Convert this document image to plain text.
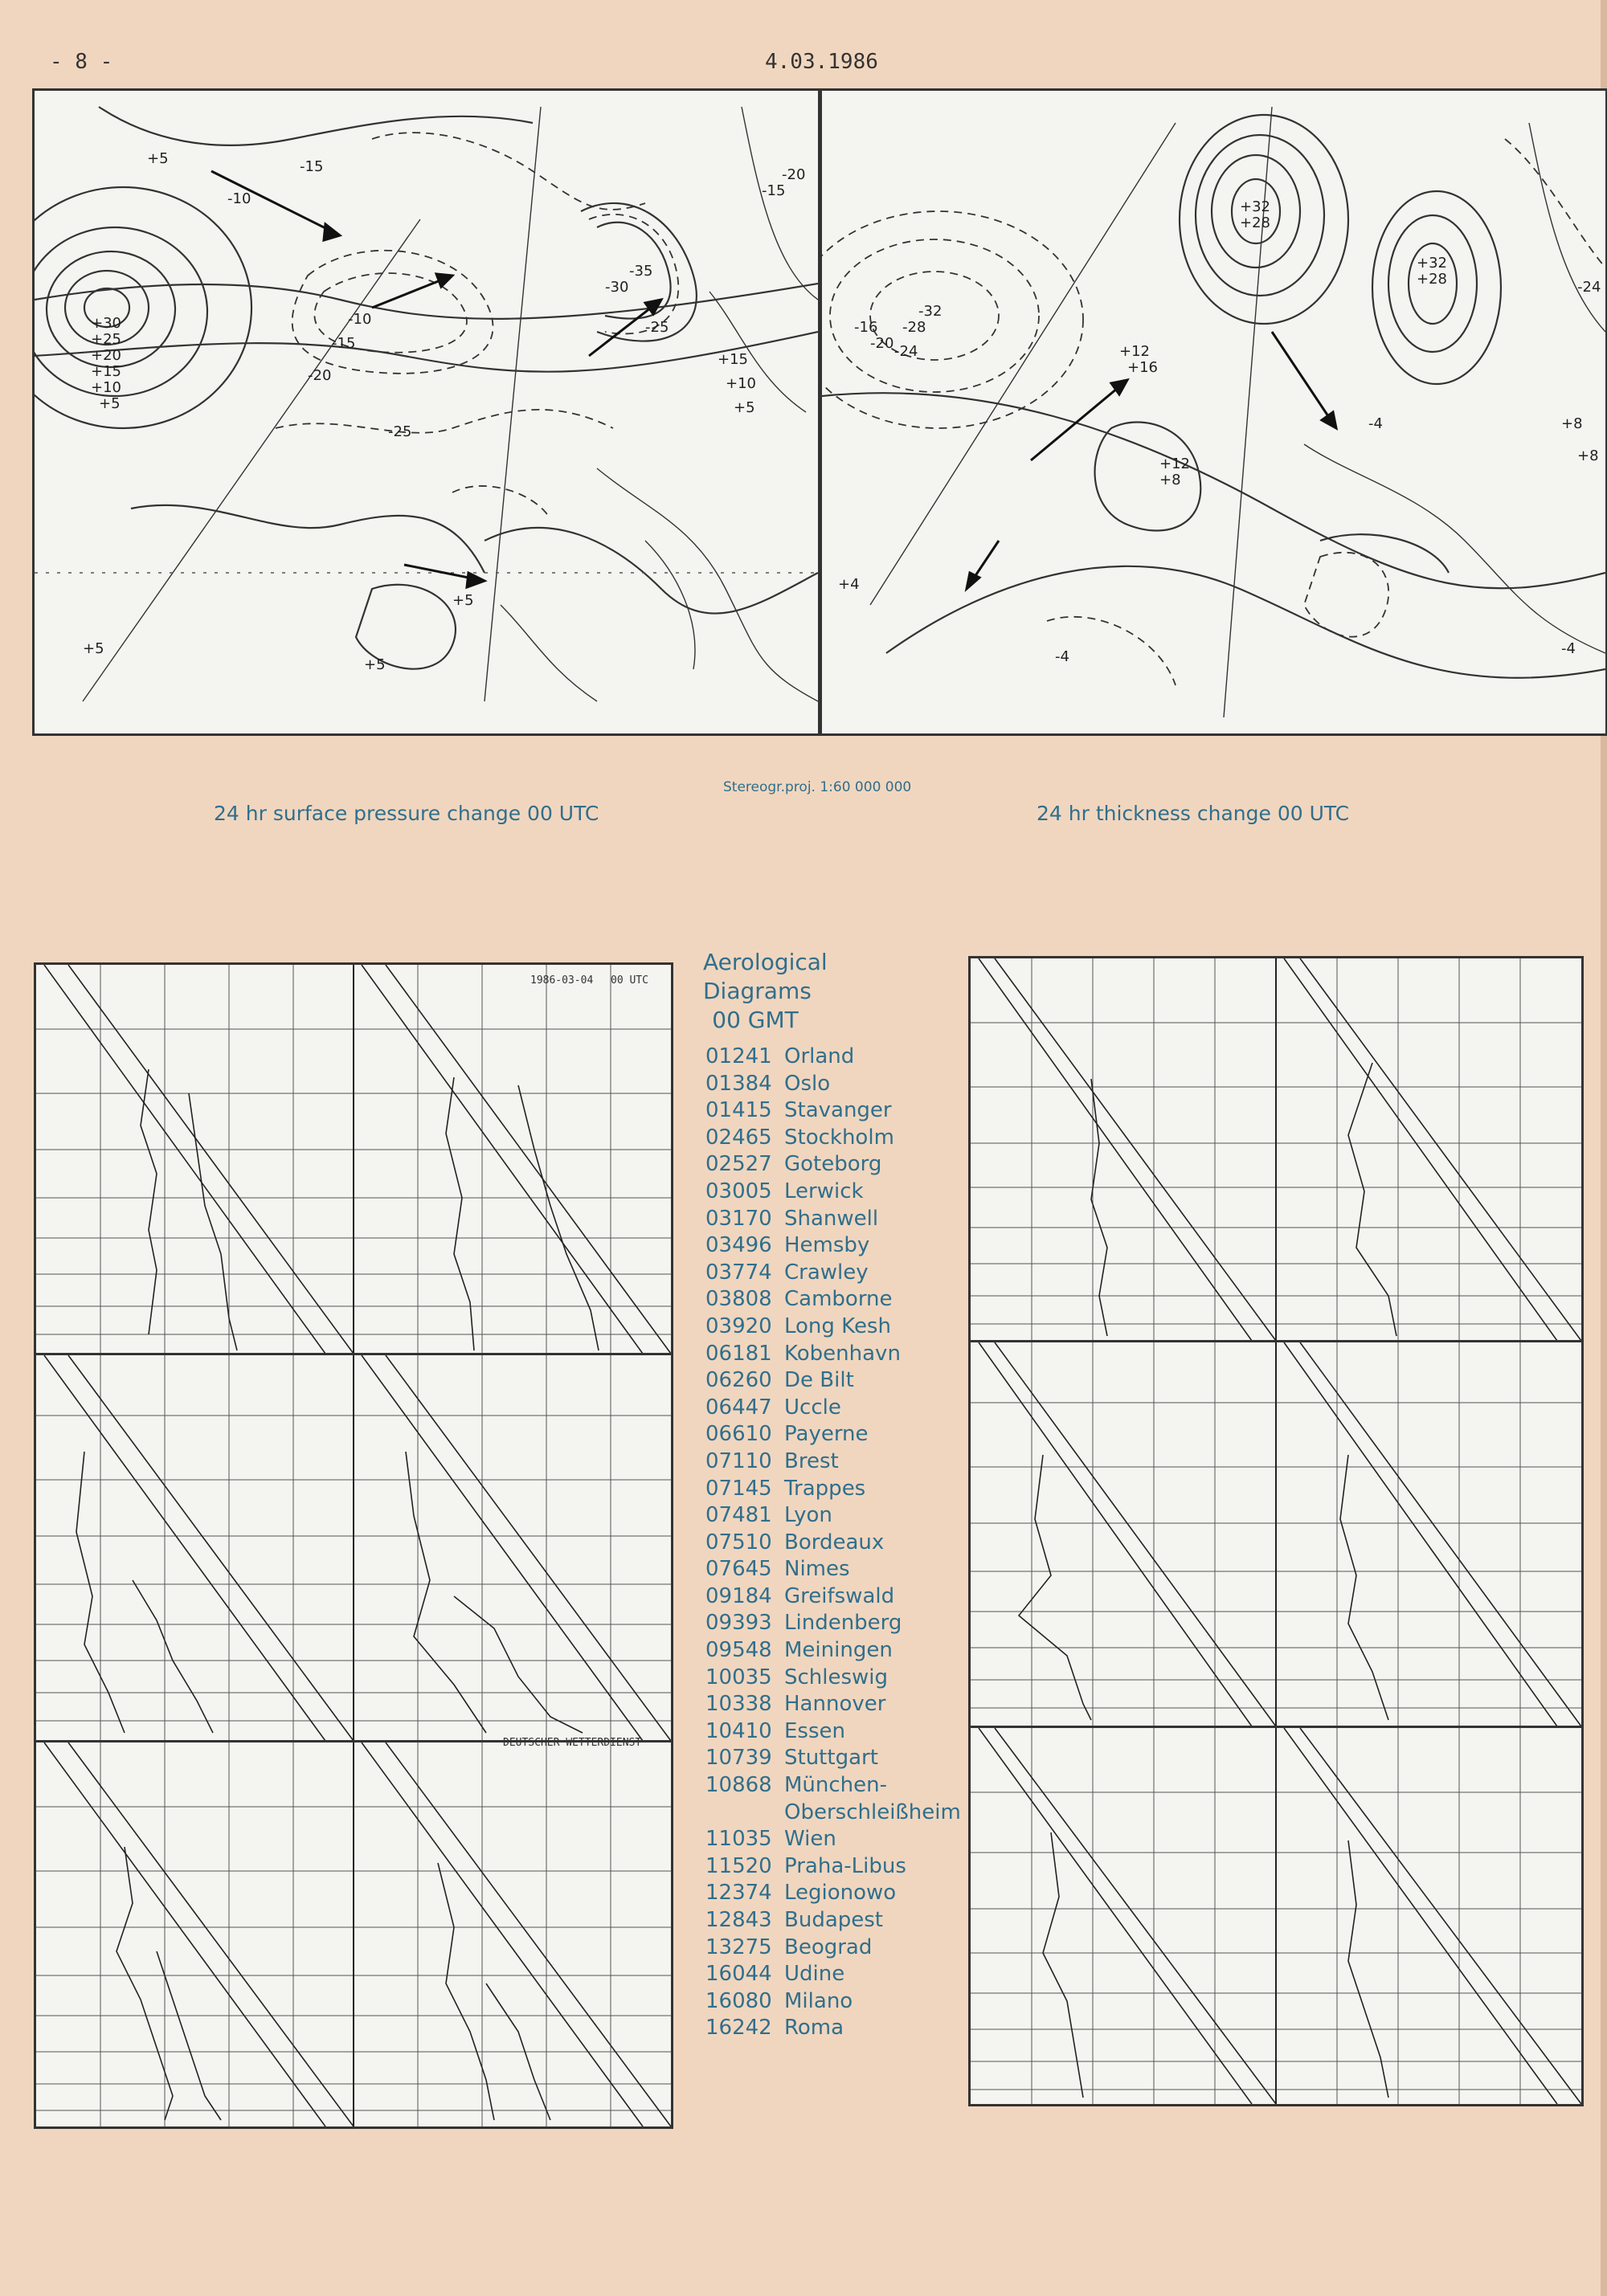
- 8 -	4.03.1986
+30
+25
+20
+15
+10
+5
+5
-10
-15
-10
-15
-20
-25
-30
-35
-25
+15
+10
+5
+5
+5
+5
-20
-15
-32
-28
-16
-20 -24
+32
+28
+32
+28
+16
+12
+12
+8
-24
+8
+8
-4
+4
-4
-4
24 hr surface pressure change 00 UTC
Stereogr.proj. 1:60 000 000
24 hr thickness change 00 UTC
1986-03-04 00 UTC
DEUTSCHER WETTERDIENST
Aerological
Diagrams
00 GMT
01241 Orland
01384 Oslo
01415 Stavanger
02465 Stockholm
02527 Goteborg
03005 Lerwick
03170 Shanwell
03496 Hemsby
03774 Crawley
03808 Camborne
03920 Long Kesh
06181 Kobenhavn
06260 De Bilt
06447 Uccle
06610 Payerne
07110 Brest
07145 Trappes
07481 Lyon
07510 Bordeaux
07645 Nimes
09184 Greifswald
09393 Lindenberg
09548 Meiningen
10035 Schleswig
10338 Hannover
10410 Essen
10739 Stuttgart
10868 München-
Oberschleißheim
11035 Wien
11520 Praha-Libus
12374 Legionowo
12843 Budapest
13275 Beograd
16044 Udine
16080 Milano
16242 Roma
